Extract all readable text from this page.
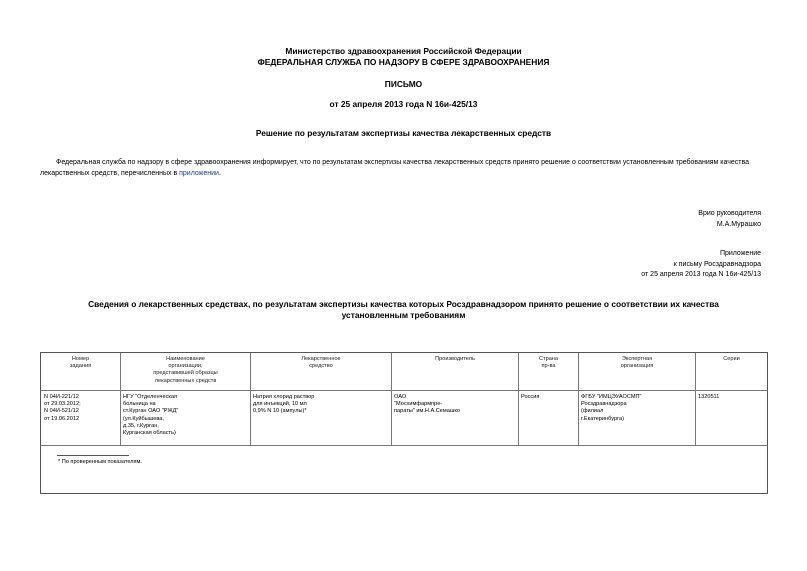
Министерство здравоохранения Российской Федерации
ФЕДЕРАЛЬНАЯ СЛУЖБА ПО НАДЗОРУ В СФЕРЕ ЗДРАВООХРАНЕНИЯ
ПИСЬМО
от 25 апреля 2013 года N 16и-425/13
Решение по результатам экспертизы качества лекарственных средств
Федеральная служба по надзору в сфере здравоохранения информирует, что по результатам экспертизы качества лекарственных средств принято решение о соответствии установленным требованиям качества лекарственных средств, перечисленных в приложении.
Врио руководителя
М.А.Мурашко
Приложение
к письму Росздравнадзора
от 25 апреля 2013 года N 16и-425/13
Сведения о лекарственных средствах, по результатам экспертизы качества которых Росздравнадзором принято решение о соответствии их качества
установленным требованиям
Номер
задания
Наименование
организации,
представившей образцы
лекарственных средств
Лекарственное
средство
Производитель	Страна
пр-ва
Экспертная
организация
Серии
N 04И-221/12
от 29.03.2012;
N 04И-521/12
от 19.06.2012
НГУ "Отделенческая
больница на
ст.Курган ОАО "РЖД"
(ул.Куйбышева,
д.35, г.Курган,
Курганская область)
Натрия хлорид раствор
для инъекций, 10 мл
0,9% N 10 (ампулы)*
ОАО
"Мосхимфармпре-
параты" им.Н.А.Семашко
Россия	ФГБУ "ИМЦЭУАОСМП"
Росздравнадзора
(филиал
г.Екатеринбурга)
1320511
* По проверенным показателям.
